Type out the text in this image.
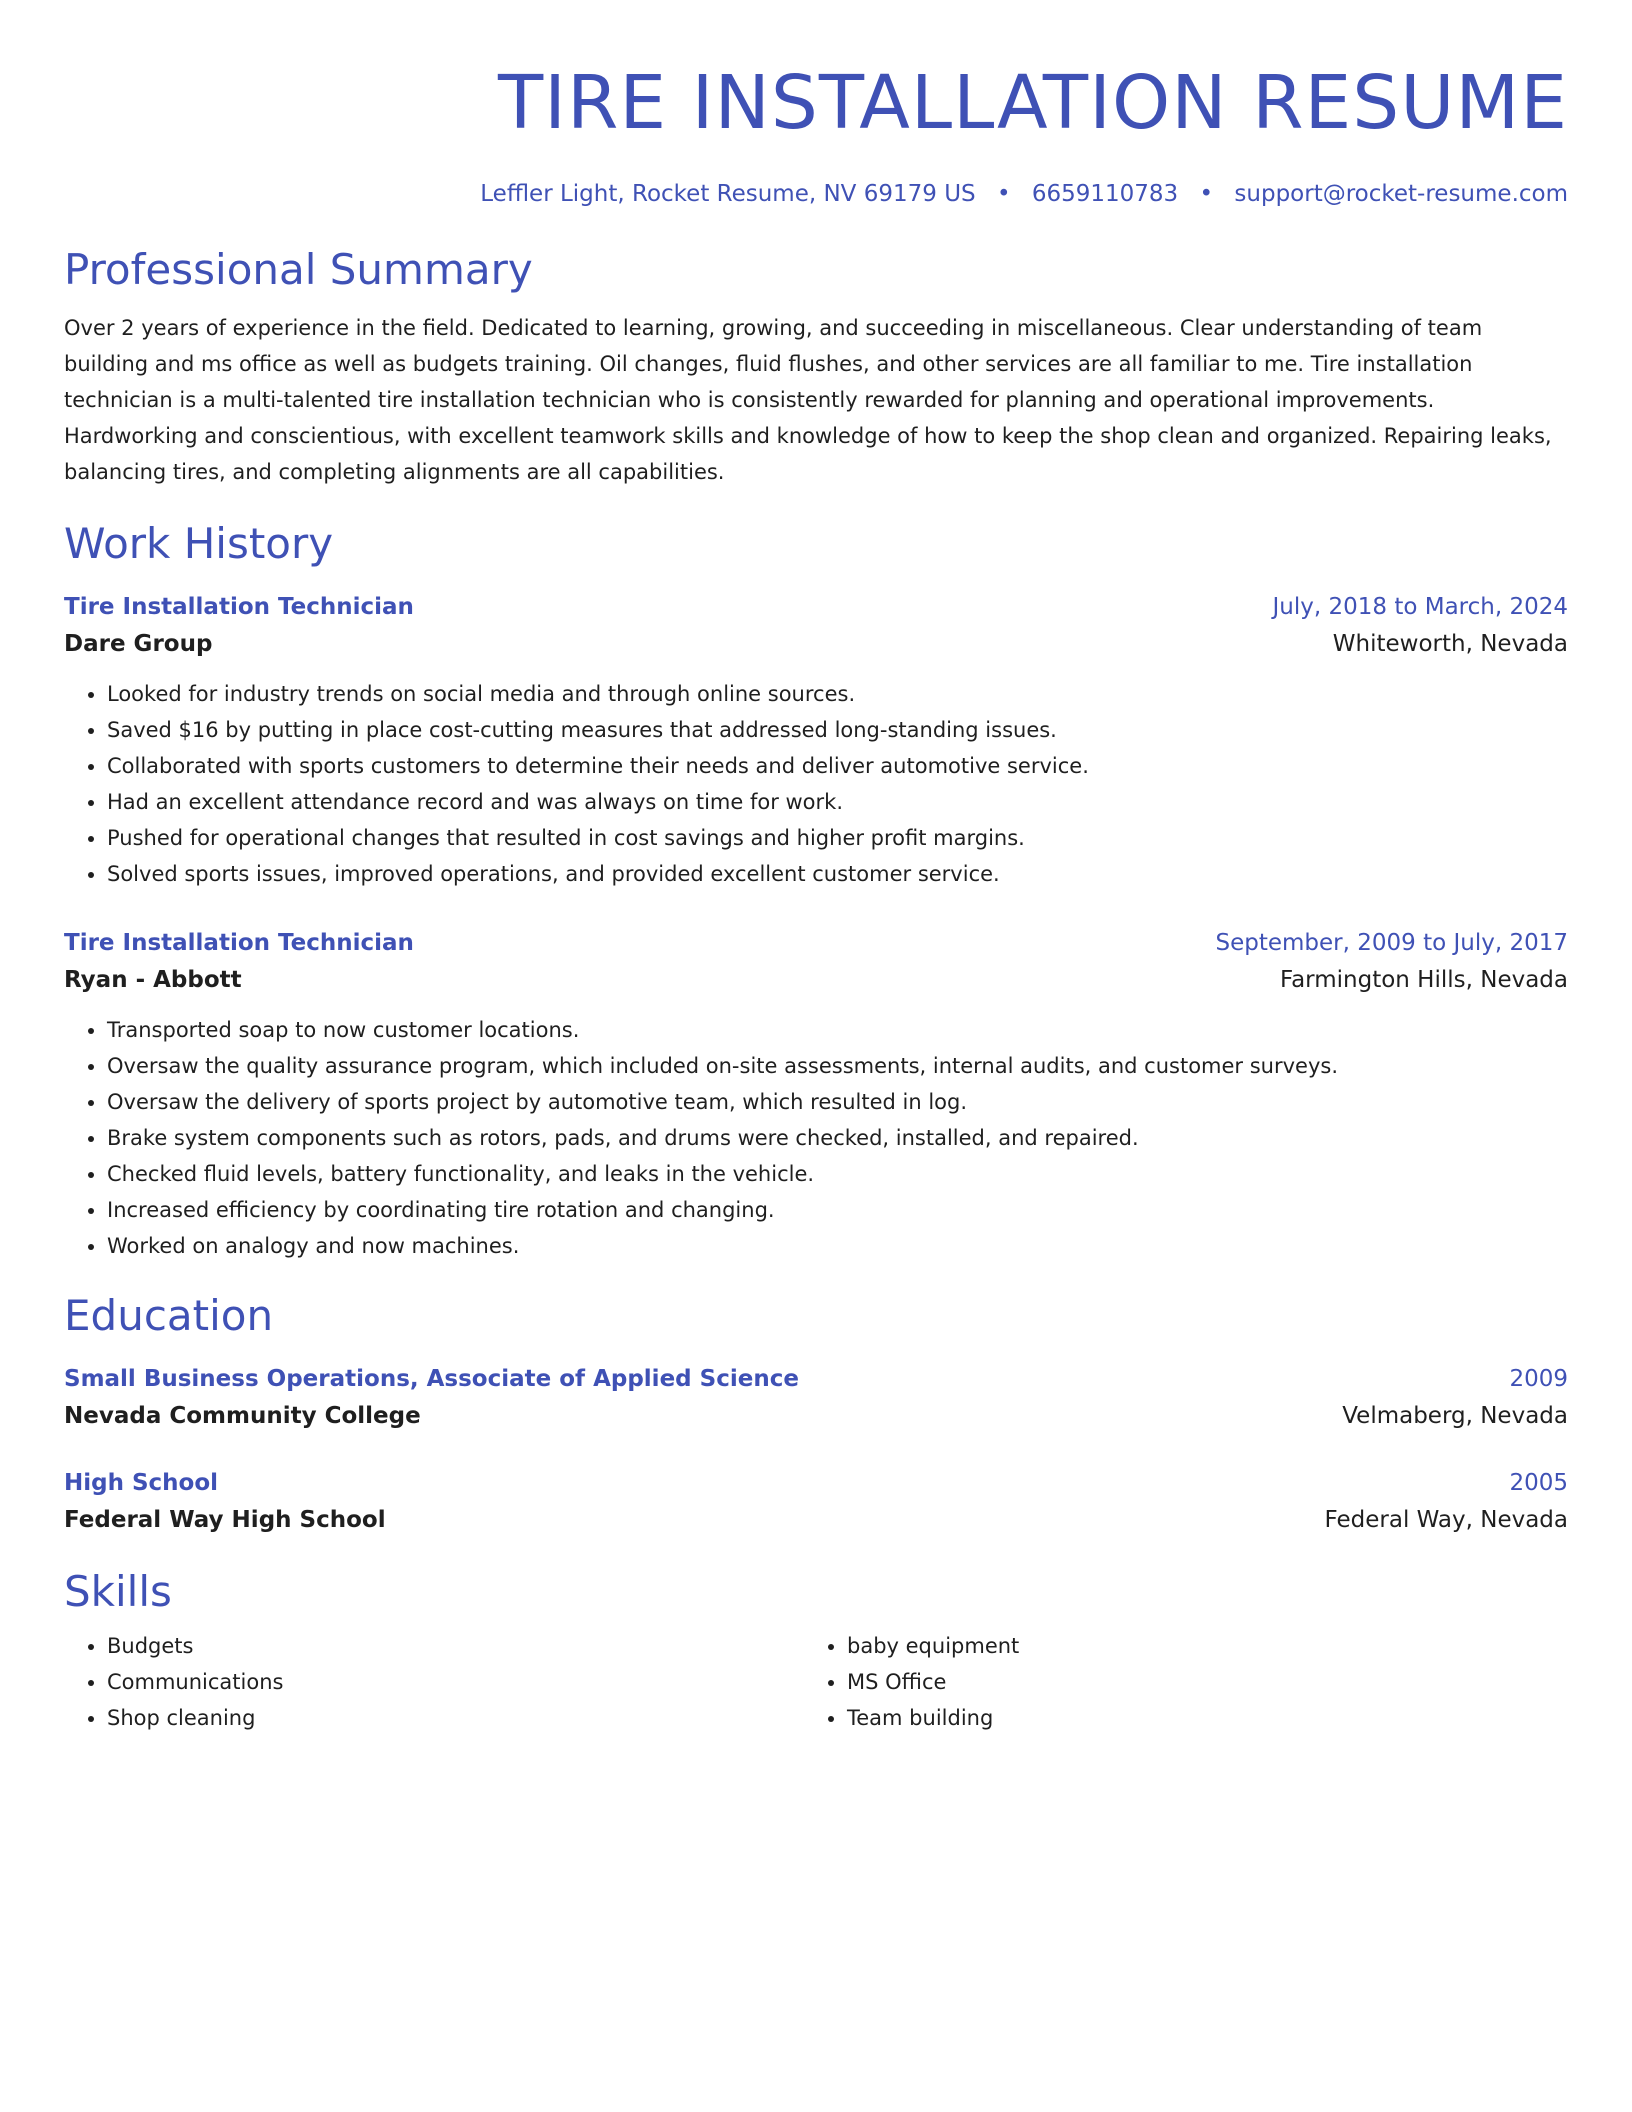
TIRE INSTALLATION RESUME
Leffler Light, Rocket Resume, NV 69179 US • 6659110783 • support@rocket-resume.com
Professional Summary
Over 2 years of experience in the field. Dedicated to learning, growing, and succeeding in miscellaneous. Clear understanding of team building and ms office as well as budgets training. Oil changes, fluid flushes, and other services are all familiar to me. Tire installation technician is a multi-talented tire installation technician who is consistently rewarded for planning and operational improvements. Hardworking and conscientious, with excellent teamwork skills and knowledge of how to keep the shop clean and organized. Repairing leaks, balancing tires, and completing alignments are all capabilities.
Work History
Tire Installation Technician	July, 2018 to March, 2024
Dare Group	Whiteworth, Nevada
• Looked for industry trends on social media and through online sources.
• Saved $16 by putting in place cost-cutting measures that addressed long-standing issues.
• Collaborated with sports customers to determine their needs and deliver automotive service.
• Had an excellent attendance record and was always on time for work.
• Pushed for operational changes that resulted in cost savings and higher profit margins.
• Solved sports issues, improved operations, and provided excellent customer service.
Tire Installation Technician	September, 2009 to July, 2017
Ryan - Abbott	Farmington Hills, Nevada
• Transported soap to now customer locations.
• Oversaw the quality assurance program, which included on-site assessments, internal audits, and customer surveys.
• Oversaw the delivery of sports project by automotive team, which resulted in log.
• Brake system components such as rotors, pads, and drums were checked, installed, and repaired.
• Checked fluid levels, battery functionality, and leaks in the vehicle.
• Increased efficiency by coordinating tire rotation and changing.
• Worked on analogy and now machines.
Education
Small Business Operations, Associate of Applied Science	2009
Nevada Community College	Velmaberg, Nevada
High School	2005
Federal Way High School	Federal Way, Nevada
Skills
• Budgets
• Communications
• Shop cleaning
• baby equipment
• MS Office
• Team building
